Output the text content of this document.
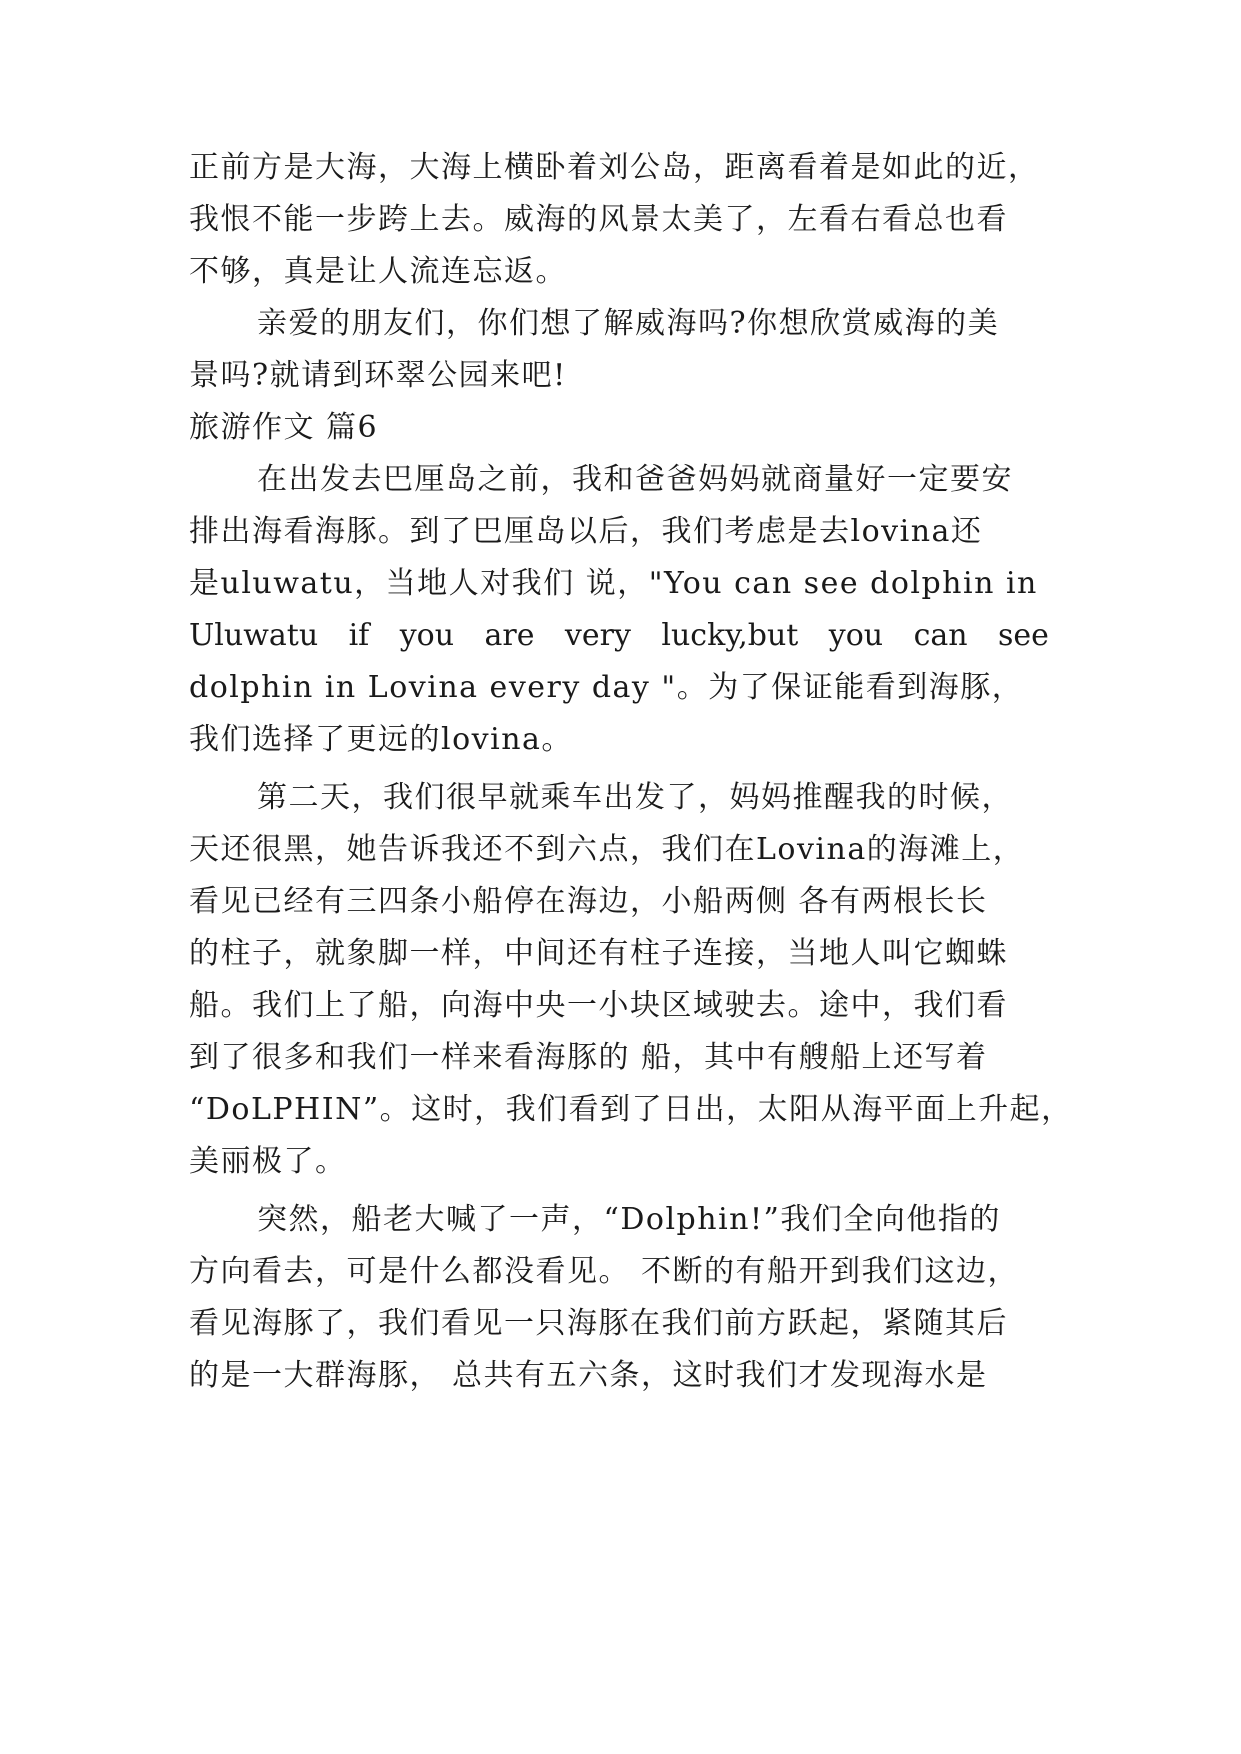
正前方是大海，大海上横卧着刘公岛，距离看着是如此的近，
我恨不能一步跨上去。威海的风景太美了，左看右看总也看
不够，真是让人流连忘返。
亲爱的朋友们，你们想了解威海吗?你想欣赏威海的美
景吗?就请到环翠公园来吧!
旅游作文 篇6
在出发去巴厘岛之前，我和爸爸妈妈就商量好一定要安
排出海看海豚。到了巴厘岛以后，我们考虑是去lovina还
是uluwatu，当地人对我们 说，"You can see dolphin in
Uluwatu if you are very lucky,but you can see
dolphin in Lovina every day "。为了保证能看到海豚，
我们选择了更远的lovina。
第二天，我们很早就乘车出发了，妈妈推醒我的时候，
天还很黑，她告诉我还不到六点，我们在Lovina的海滩上，
看见已经有三四条小船停在海边，小船两侧 各有两根长长
的柱子，就象脚一样，中间还有柱子连接，当地人叫它蜘蛛
船。我们上了船，向海中央一小块区域驶去。途中，我们看
到了很多和我们一样来看海豚的 船，其中有艘船上还写着
“DoLPHIN”。这时，我们看到了日出，太阳从海平面上升起，
美丽极了。
突然，船老大喊了一声，“Dolphin!”我们全向他指的
方向看去，可是什么都没看见。 不断的有船开到我们这边，
看见海豚了，我们看见一只海豚在我们前方跃起，紧随其后
的是一大群海豚， 总共有五六条，这时我们才发现海水是
